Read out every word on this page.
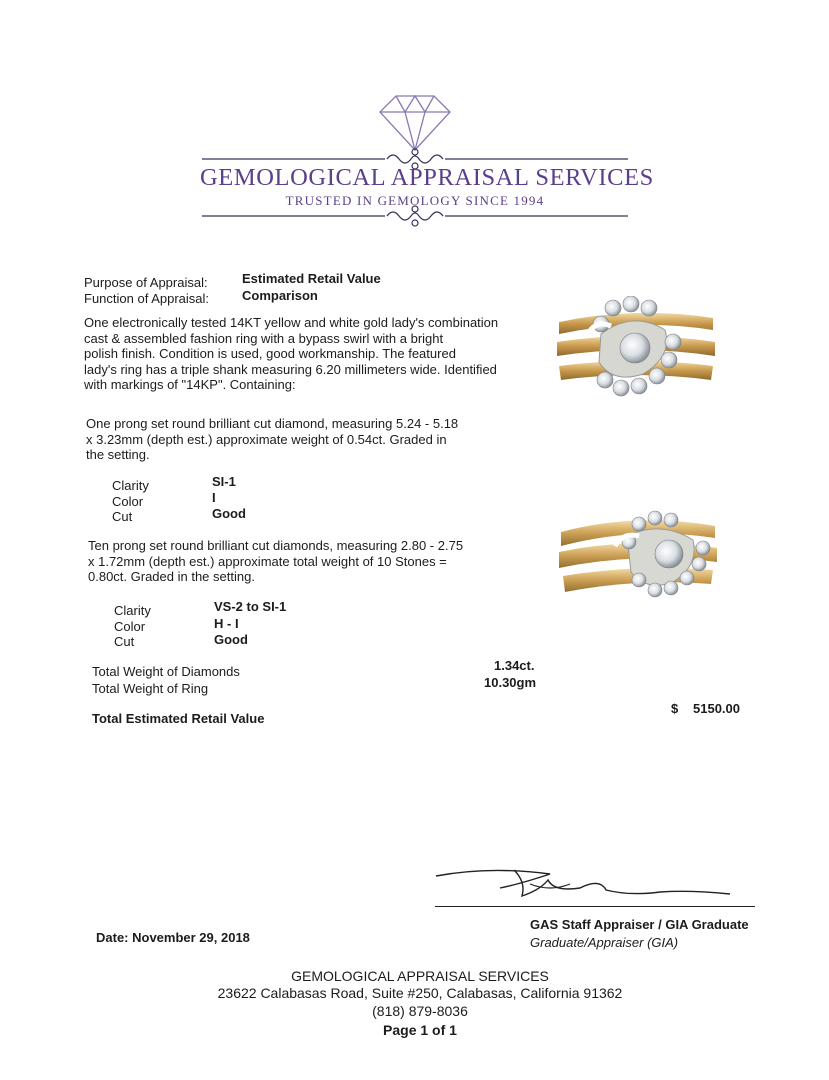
GEMOLOGICAL APPRAISAL SERVICES
TRUSTED IN GEMOLOGY SINCE 1994
Purpose of Appraisal:	Estimated Retail Value
Function of Appraisal:	Comparison
One electronically tested 14KT yellow and white gold lady's combination
cast & assembled fashion ring with a bypass swirl with a bright
polish finish. Condition is used, good workmanship. The featured
lady's ring has a triple shank measuring 6.20 millimeters wide. Identified
with markings of "14KP". Containing:
One prong set round brilliant cut diamond, measuring 5.24 - 5.18
x 3.23mm (depth est.) approximate weight of 0.54ct. Graded in
the setting.
Clarity	SI-1
Color	I
Cut	Good
Ten prong set round brilliant cut diamonds, measuring 2.80 - 2.75
x 1.72mm (depth est.) approximate total weight of 10 Stones =
0.80ct. Graded in the setting.
Clarity	VS-2 to SI-1
Color	H - I
Cut	Good
Total Weight of Diamonds	1.34ct.
Total Weight of Ring	10.30gm
Total Estimated Retail Value
$ 5150.00
GAS Staff Appraiser / GIA Graduate
Graduate/Appraiser (GIA)
Date: November 29, 2018
GEMOLOGICAL APPRAISAL SERVICES
23622 Calabasas Road, Suite #250, Calabasas, California 91362
(818) 879-8036
Page 1 of 1
